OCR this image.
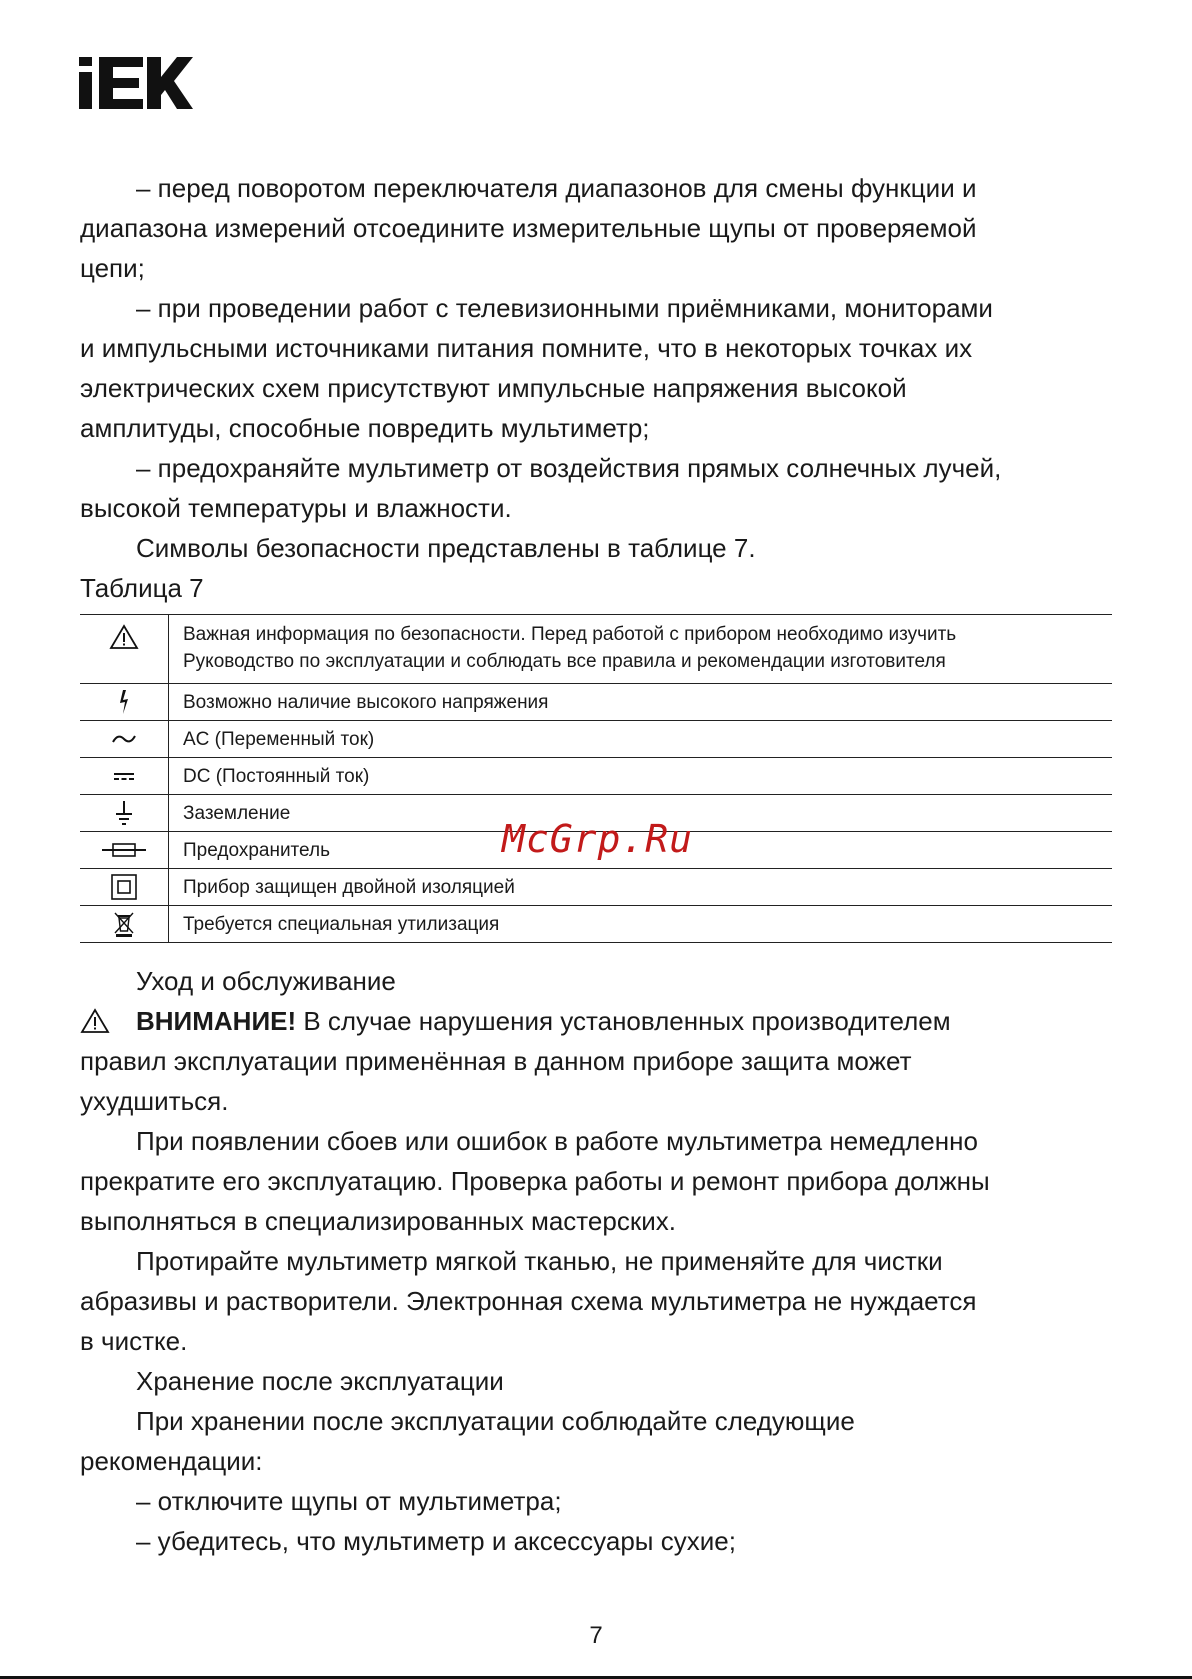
– перед поворотом переключателя диапазонов для смены функции и

диапазона измерений отсоедините измерительные щупы от проверяемой

цепи;

– при проведении работ с телевизионными приёмниками, мониторами

и импульсными источниками питания помните, что в некоторых точках их

электрических схем присутствуют импульсные напряжения высокой

амплитуды, способные повредить мультиметр;

– предохраняйте мультиметр от воздействия прямых солнечных лучей,

высокой температуры и влажности.

Символы безопасности представлены в таблице 7.

Таблица 7

Важная информация по безопасности. Перед работой с прибором необходимо изучить
Руководство по эксплуатации и соблюдать все правила и рекомендации изготовителя

	Возможно наличие высокого напряжения
	AC (Переменный ток)
	DC (Постоянный ток)
	Заземление
	Предохранитель
	Прибор защищен двойной изоляцией
	Требуется специальная утилизация

Уход и обслуживание

ВНИМАНИЕ! В случае нарушения установленных производителем

правил эксплуатации применённая в данном приборе защита может

ухудшиться.

При появлении сбоев или ошибок в работе мультиметра немедленно

прекратите его эксплуатацию. Проверка работы и ремонт прибора должны

выполняться в специализированных мастерских.

Протирайте мультиметр мягкой тканью, не применяйте для чистки

абразивы и растворители. Электронная схема мультиметра не нуждается

в чистке.

Хранение после эксплуатации

При хранении после эксплуатации соблюдайте следующие

рекомендации:

– отключите щупы от мультиметра;

– убедитесь, что мультиметр и аксессуары сухие;

McGrp.Ru
7
